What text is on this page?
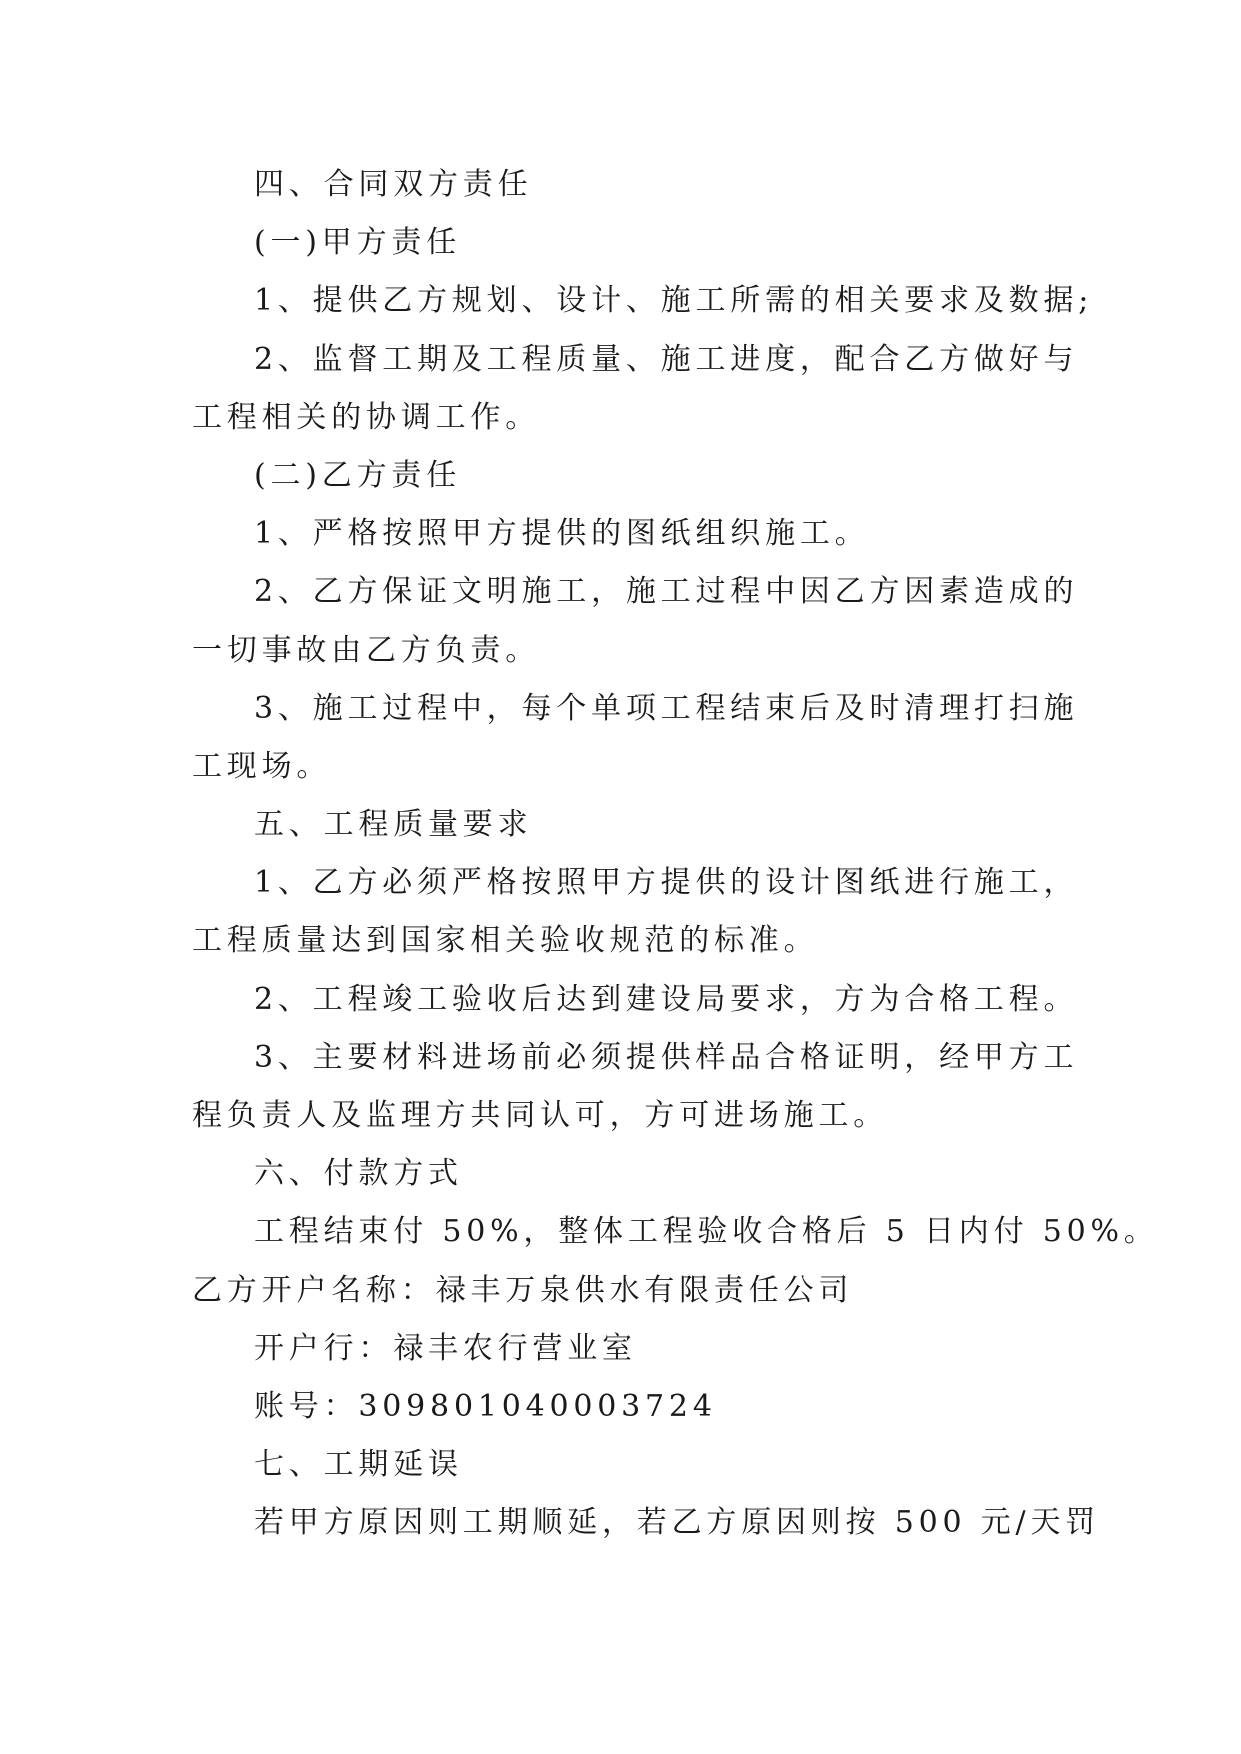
四、合同双方责任
(一)甲方责任
1、提供乙方规划、设计、施工所需的相关要求及数据;
2、监督工期及工程质量、施工进度，配合乙方做好与
工程相关的协调工作。
(二)乙方责任
1、严格按照甲方提供的图纸组织施工。
2、乙方保证文明施工，施工过程中因乙方因素造成的
一切事故由乙方负责。
3、施工过程中，每个单项工程结束后及时清理打扫施
工现场。
五、工程质量要求
1、乙方必须严格按照甲方提供的设计图纸进行施工，
工程质量达到国家相关验收规范的标准。
2、工程竣工验收后达到建设局要求，方为合格工程。
3、主要材料进场前必须提供样品合格证明，经甲方工
程负责人及监理方共同认可，方可进场施工。
六、付款方式
工程结束付 50%，整体工程验收合格后 5 日内付 50%。
乙方开户名称：禄丰万泉供水有限责任公司
开户行：禄丰农行营业室
账号：309801040003724
七、工期延误
若甲方原因则工期顺延，若乙方原因则按 500 元/天罚
